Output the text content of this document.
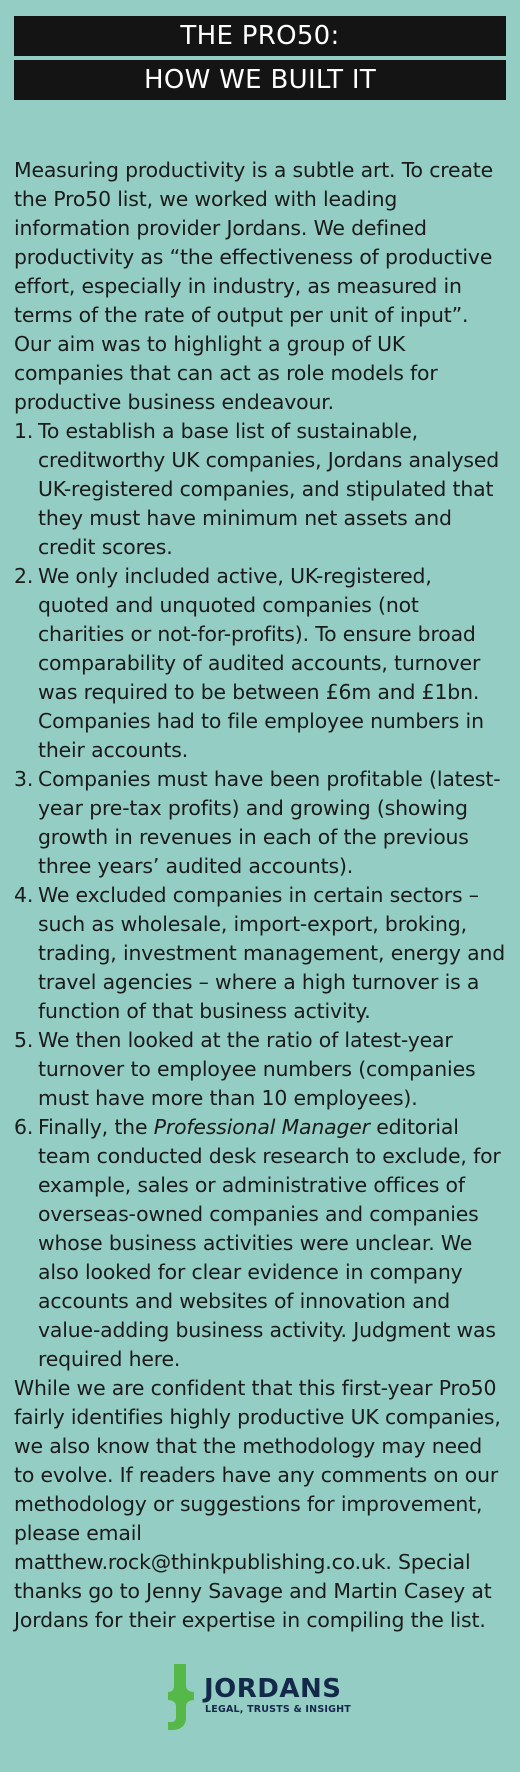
THE PRO50:
HOW WE BUILT IT

Measuring productivity is a subtle art. To create the Pro50 list, we worked with leading information provider Jordans. We defined productivity as “the effectiveness of productive effort, especially in industry, as measured in terms of the rate of output per unit of input”. Our aim was to highlight a group of UK companies that can act as role models for productive business endeavour.

1. To establish a base list of sustainable, creditworthy UK companies, Jordans analysed UK-registered companies, and stipulated that they must have minimum net assets and credit scores.
2. We only included active, UK-registered, quoted and unquoted companies (not charities or not-for-profits). To ensure broad comparability of audited accounts, turnover was required to be between £6m and £1bn. Companies had to file employee numbers in their accounts.
3. Companies must have been profitable (latest-year pre-tax profits) and growing (showing growth in revenues in each of the previous three years’ audited accounts).
4. We excluded companies in certain sectors – such as wholesale, import-export, broking, trading, investment management, energy and travel agencies – where a high turnover is a function of that business activity.
5. We then looked at the ratio of latest-year turnover to employee numbers (companies must have more than 10 employees).
6. Finally, the Professional Manager editorial team conducted desk research to exclude, for example, sales or administrative offices of overseas-owned companies and companies whose business activities were unclear. We also looked for clear evidence in company accounts and websites of innovation and value-adding business activity. Judgment was required here.

While we are confident that this first-year Pro50 fairly identifies highly productive UK companies, we also know that the methodology may need to evolve. If readers have any comments on our methodology or suggestions for improvement, please email matthew.rock@thinkpublishing.co.uk. Special thanks go to Jenny Savage and Martin Casey at Jordans for their expertise in compiling the list.

JORDANS
LEGAL, TRUSTS & INSIGHT
